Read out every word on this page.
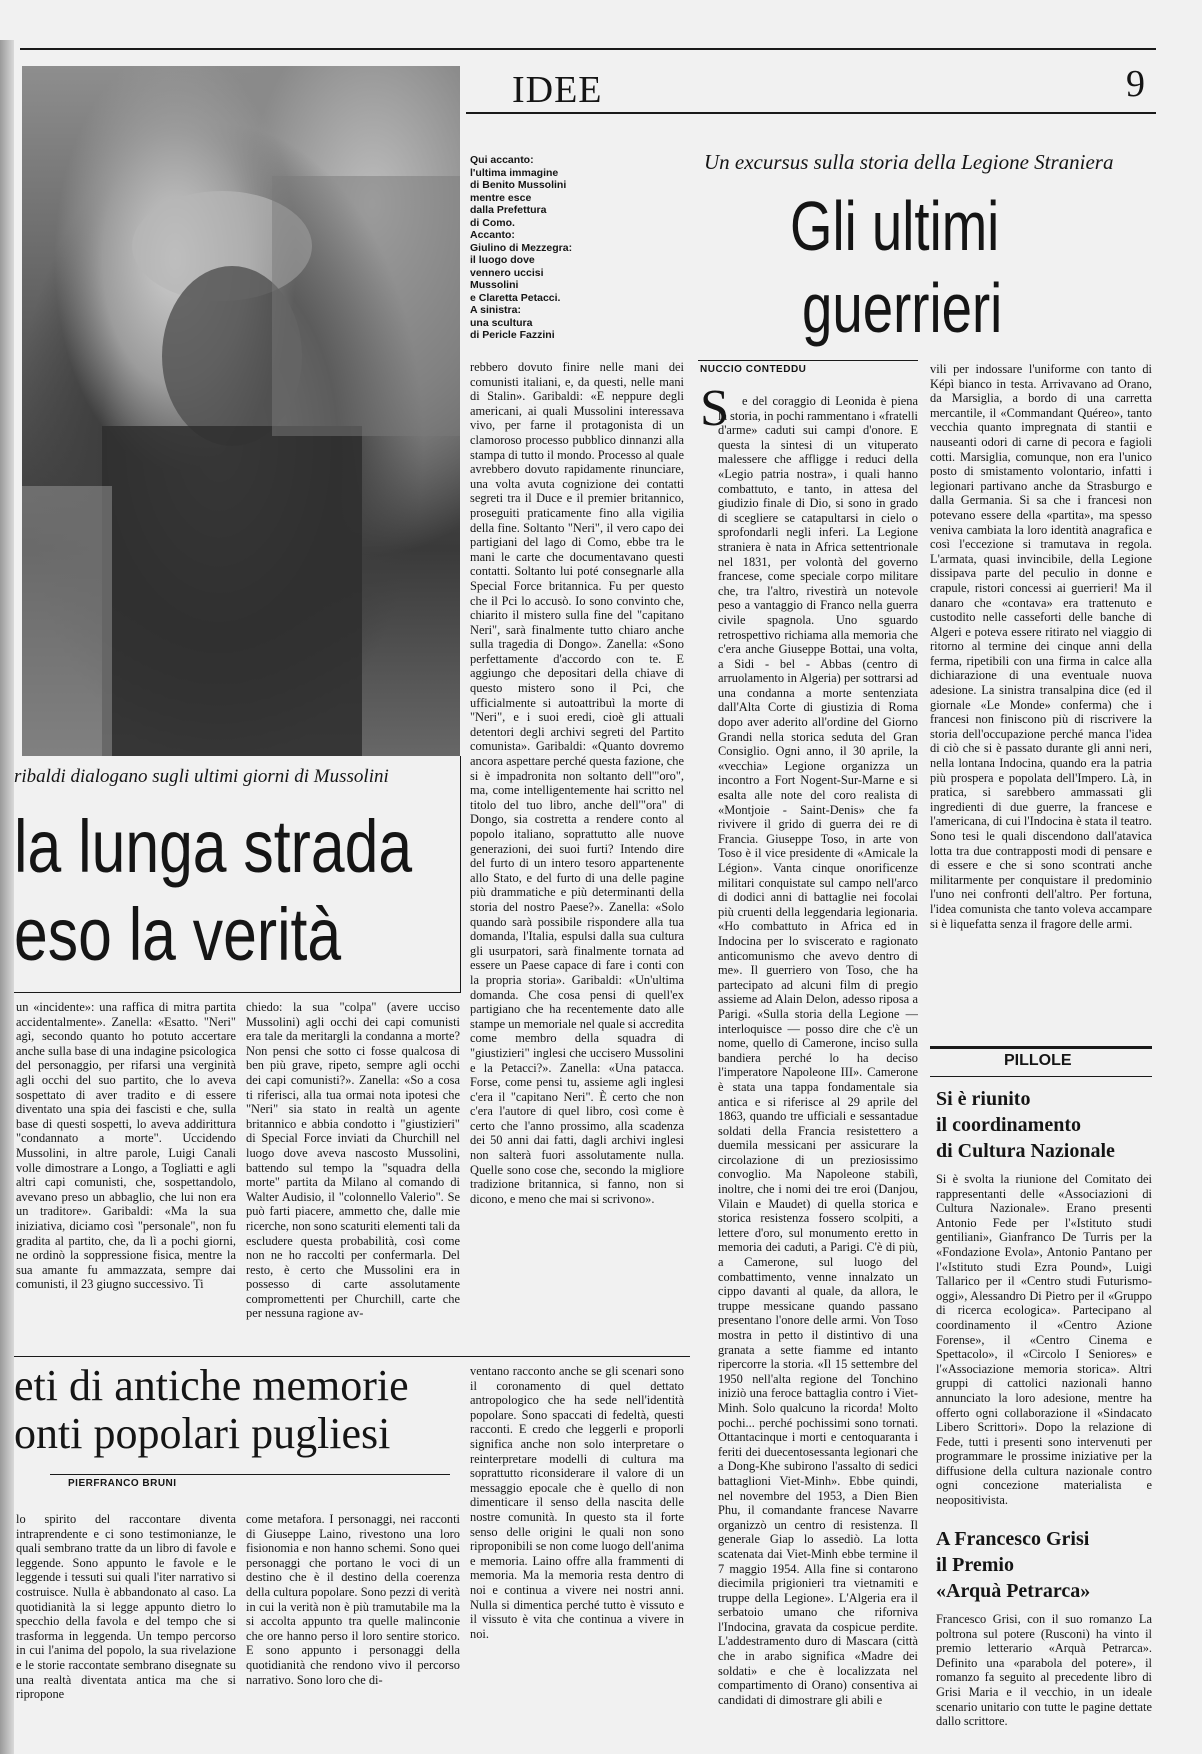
IDEE	9
Qui accanto:
l'ultima immagine
di Benito Mussolini
mentre esce
dalla Prefettura
di Como.
Accanto:
Giulino di Mezzegra:
il luogo dove
vennero uccisi
Mussolini
e Claretta Petacci.
A sinistra:
una scultura
di Pericle Fazzini
ribaldi dialogano sugli ultimi giorni di Mussolini
la lunga strada
eso la verità
un «incidente»: una raffica di mitra partita accidentalmente». Zanella: «Esatto. "Neri" agì, secondo quanto ho potuto accertare anche sulla base di una indagine psicologica del personaggio, per rifarsi una verginità agli occhi del suo partito, che lo aveva sospettato di aver tradito e di essere diventato una spia dei fascisti e che, sulla base di questi sospetti, lo aveva addirittura "condannato a morte". Uccidendo Mussolini, in altre parole, Luigi Canali volle dimostrare a Longo, a Togliatti e agli altri capi comunisti, che, sospettandolo, avevano preso un abbaglio, che lui non era un traditore». Garibaldi: «Ma la sua iniziativa, diciamo così "personale", non fu gradita al partito, che, da lì a pochi giorni, ne ordinò la soppressione fisica, mentre la sua amante fu ammazzata, sempre dai comunisti, il 23 giugno successivo. Ti
chiedo: la sua "colpa" (avere ucciso Mussolini) agli occhi dei capi comunisti era tale da meritargli la condanna a morte? Non pensi che sotto ci fosse qualcosa di ben più grave, ripeto, sempre agli occhi dei capi comunisti?». Zanella: «So a cosa ti riferisci, alla tua ormai nota ipotesi che "Neri" sia stato in realtà un agente britannico e abbia condotto i "giustizieri" di Special Force inviati da Churchill nel luogo dove aveva nascosto Mussolini, battendo sul tempo la "squadra della morte" partita da Milano al comando di Walter Audisio, il "colonnello Valerio". Se può farti piacere, ammetto che, dalle mie ricerche, non sono scaturiti elementi tali da escludere questa probabilità, così come non ne ho raccolti per confermarla. Del resto, è certo che Mussolini era in possesso di carte assolutamente compromettenti per Churchill, carte che per nessuna ragione av-
rebbero dovuto finire nelle mani dei comunisti italiani, e, da questi, nelle mani di Stalin». Garibaldi: «E neppure degli americani, ai quali Mussolini interessava vivo, per farne il protagonista di un clamoroso processo pubblico dinnanzi alla stampa di tutto il mondo. Processo al quale avrebbero dovuto rapidamente rinunciare, una volta avuta cognizione dei contatti segreti tra il Duce e il premier britannico, proseguiti praticamente fino alla vigilia della fine. Soltanto "Neri", il vero capo dei partigiani del lago di Como, ebbe tra le mani le carte che documentavano questi contatti. Soltanto lui poté consegnarle alla Special Force britannica. Fu per questo che il Pci lo accusò. Io sono convinto che, chiarito il mistero sulla fine del "capitano Neri", sarà finalmente tutto chiaro anche sulla tragedia di Dongo». Zanella: «Sono perfettamente d'accordo con te. E aggiungo che depositari della chiave di questo mistero sono il Pci, che ufficialmente si autoattribuì la morte di "Neri", e i suoi eredi, cioè gli attuali detentori degli archivi segreti del Partito comunista». Garibaldi: «Quanto dovremo ancora aspettare perché questa fazione, che si è impadronita non soltanto dell'"oro", ma, come intelligentemente hai scritto nel titolo del tuo libro, anche dell'"ora" di Dongo, sia costretta a rendere conto al popolo italiano, soprattutto alle nuove generazioni, dei suoi furti? Intendo dire del furto di un intero tesoro appartenente allo Stato, e del furto di una delle pagine più drammatiche e più determinanti della storia del nostro Paese?». Zanella: «Solo quando sarà possibile rispondere alla tua domanda, l'Italia, espulsi dalla sua cultura gli usurpatori, sarà finalmente tornata ad essere un Paese capace di fare i conti con la propria storia». Garibaldi: «Un'ultima domanda. Che cosa pensi di quell'ex partigiano che ha recentemente dato alle stampe un memoriale nel quale si accredita come membro della squadra di "giustizieri" inglesi che uccisero Mussolini e la Petacci?». Zanella: «Una patacca. Forse, come pensi tu, assieme agli inglesi c'era il "capitano Neri". È certo che non c'era l'autore di quel libro, così come è certo che l'anno prossimo, alla scadenza dei 50 anni dai fatti, dagli archivi inglesi non salterà fuori assolutamente nulla. Quelle sono cose che, secondo la migliore tradizione britannica, si fanno, non si dicono, e meno che mai si scrivono».
Un excursus sulla storia della Legione Straniera
Gli ultimi
guerrieri
NUCCIO CONTEDDU
S	e del coraggio di Leonida è piena la storia, in pochi rammentano i «fratelli d'arme» caduti sui campi d'onore. E questa la sintesi di un vituperato malessere che affligge i reduci della «Legio patria nostra», i quali hanno combattuto, e tanto, in attesa del giudizio finale di Dio, si sono in grado di scegliere se catapultarsi in cielo o sprofondarli negli inferi. La Legione straniera è nata in Africa settentrionale nel 1831, per volontà del governo francese, come speciale corpo militare che, tra l'altro, rivestirà un notevole peso a vantaggio di Franco nella guerra civile spagnola. Uno sguardo retrospettivo richiama alla memoria che c'era anche Giuseppe Bottai, una volta, a Sidi - bel - Abbas (centro di arruolamento in Algeria) per sottrarsi ad una condanna a morte sentenziata dall'Alta Corte di giustizia di Roma dopo aver aderito all'ordine del Giorno Grandi nella storica seduta del Gran Consiglio. Ogni anno, il 30 aprile, la «vecchia» Legione organizza un incontro a Fort Nogent-Sur-Marne e si esalta alle note del coro realista di «Montjoie - Saint-Denis» che fa rivivere il grido di guerra dei re di Francia. Giuseppe Toso, in arte von Toso è il vice presidente di «Amicale la Légion». Vanta cinque onorificenze militari conquistate sul campo nell'arco di dodici anni di battaglie nei focolai più cruenti della leggendaria legionaria. «Ho combattuto in Africa ed in Indocina per lo sviscerato e ragionato anticomunismo che avevo dentro di me». Il guerriero von Toso, che ha partecipato ad alcuni film di pregio assieme ad Alain Delon, adesso riposa a Parigi. «Sulla storia della Legione — interloquisce — posso dire che c'è un nome, quello di Camerone, inciso sulla bandiera perché lo ha deciso l'imperatore Napoleone III». Camerone è stata una tappa fondamentale sia antica e si riferisce al 29 aprile del 1863, quando tre ufficiali e sessantadue soldati della Francia resistettero a duemila messicani per assicurare la circolazione di un preziosissimo convoglio. Ma Napoleone stabilì, inoltre, che i nomi dei tre eroi (Danjou, Vilain e Maudet) di quella storica e storica resistenza fossero scolpiti, a lettere d'oro, sul monumento eretto in memoria dei caduti, a Parigi. C'è di più, a Camerone, sul luogo del combattimento, venne innalzato un cippo davanti al quale, da allora, le truppe messicane quando passano presentano l'onore delle armi. Von Toso mostra in petto il distintivo di una granata a sette fiamme ed intanto ripercorre la storia. «Il 15 settembre del 1950 nell'alta regione del Tonchino iniziò una feroce battaglia contro i Viet-Minh. Solo qualcuno la ricorda! Molto pochi... perché pochissimi sono tornati. Ottantacinque i morti e centoquaranta i feriti dei duecentosessanta legionari che a Dong-Khe subirono l'assalto di sedici battaglioni Viet-Minh». Ebbe quindi, nel novembre del 1953, a Dien Bien Phu, il comandante francese Navarre organizzò un centro di resistenza. Il generale Giap lo assediò. La lotta scatenata dai Viet-Minh ebbe termine il 7 maggio 1954. Alla fine si contarono diecimila prigionieri tra vietnamiti e truppe della Legione». L'Algeria era il serbatoio umano che riforniva l'Indocina, gravata da cospicue perdite. L'addestramento duro di Mascara (città che in arabo significa «Madre dei soldati» e che è localizzata nel compartimento di Orano) consentiva ai candidati di dimostrare gli abili e
vili per indossare l'uniforme con tanto di Képì bianco in testa. Arrivavano ad Orano, da Marsiglia, a bordo di una carretta mercantile, il «Commandant Quéreo», tanto vecchia quanto impregnata di stantii e nauseanti odori di carne di pecora e fagioli cotti. Marsiglia, comunque, non era l'unico posto di smistamento volontario, infatti i legionari partivano anche da Strasburgo e dalla Germania. Si sa che i francesi non potevano essere della «partita», ma spesso veniva cambiata la loro identità anagrafica e così l'eccezione si tramutava in regola. L'armata, quasi invincibile, della Legione dissipava parte del peculio in donne e crapule, ristori concessi ai guerrieri! Ma il danaro che «contava» era trattenuto e custodito nelle casseforti delle banche di Algeri e poteva essere ritirato nel viaggio di ritorno al termine dei cinque anni della ferma, ripetibili con una firma in calce alla dichiarazione di una eventuale nuova adesione. La sinistra transalpina dice (ed il giornale «Le Monde» conferma) che i francesi non finiscono più di riscrivere la storia dell'occupazione perché manca l'idea di ciò che si è passato durante gli anni neri, nella lontana Indocina, quando era la patria più prospera e popolata dell'Impero. Là, in pratica, si sarebbero ammassati gli ingredienti di due guerre, la francese e l'americana, di cui l'Indocina è stata il teatro. Sono tesi le quali discendono dall'atavica lotta tra due contrapposti modi di pensare e di essere e che si sono scontrati anche militarmente per conquistare il predominio l'uno nei confronti dell'altro. Per fortuna, l'idea comunista che tanto voleva accampare si è liquefatta senza il fragore delle armi.
PILLOLE
Si è riunito
il coordinamento
di Cultura Nazionale
Si è svolta la riunione del Comitato dei rappresentanti delle «Associazioni di Cultura Nazionale». Erano presenti Antonio Fede per l'«Istituto studi gentiliani», Gianfranco De Turris per la «Fondazione Evola», Antonio Pantano per l'«Istituto studi Ezra Pound», Luigi Tallarico per il «Centro studi Futurismo-oggi», Alessandro Di Pietro per il «Gruppo di ricerca ecologica». Partecipano al coordinamento il «Centro Azione Forense», il «Centro Cinema e Spettacolo», il «Circolo I Seniores» e l'«Associazione memoria storica». Altri gruppi di cattolici nazionali hanno annunciato la loro adesione, mentre ha offerto ogni collaborazione il «Sindacato Libero Scrittori». Dopo la relazione di Fede, tutti i presenti sono intervenuti per programmare le prossime iniziative per la diffusione della cultura nazionale contro ogni concezione materialista e neopositivista.
A Francesco Grisi
il Premio
«Arquà Petrarca»
Francesco Grisi, con il suo romanzo La poltrona sul potere (Rusconi) ha vinto il premio letterario «Arquà Petrarca». Definito una «parabola del potere», il romanzo fa seguito al precedente libro di Grisi Maria e il vecchio, in un ideale scenario unitario con tutte le pagine dettate dallo scrittore.
eti di antiche memorie
onti popolari pugliesi
PIERFRANCO BRUNI
lo spirito del raccontare diventa intraprendente e ci sono testimonianze, le quali sembrano tratte da un libro di favole e leggende. Sono appunto le favole e le leggende i tessuti sui quali l'iter narrativo si costruisce. Nulla è abbandonato al caso. La quotidianità la si legge appunto dietro lo specchio della favola e del tempo che si trasforma in leggenda. Un tempo percorso in cui l'anima del popolo, la sua rivelazione e le storie raccontate sembrano disegnate su una realtà diventata antica ma che si ripropone
come metafora. I personaggi, nei racconti di Giuseppe Laino, rivestono una loro fisionomia e non hanno schemi. Sono quei personaggi che portano le voci di un destino che è il destino della coerenza della cultura popolare. Sono pezzi di verità in cui la verità non è più tramutabile ma la si accolta appunto tra quelle malinconie che ore hanno perso il loro sentire storico. E sono appunto i personaggi della quotidianità che rendono vivo il percorso narrativo. Sono loro che di-
ventano racconto anche se gli scenari sono il coronamento di quel dettato antropologico che ha sede nell'identità popolare. Sono spaccati di fedeltà, questi racconti. E credo che leggerli e proporli significa anche non solo interpretare o reinterpretare modelli di cultura ma soprattutto riconsiderare il valore di un messaggio epocale che è quello di non dimenticare il senso della nascita delle nostre comunità. In questo sta il forte senso delle origini le quali non sono riproponibili se non come luogo dell'anima e memoria. Laino offre alla frammenti di memoria. Ma la memoria resta dentro di noi e continua a vivere nei nostri anni. Nulla si dimentica perché tutto è vissuto e il vissuto è vita che continua a vivere in noi.
